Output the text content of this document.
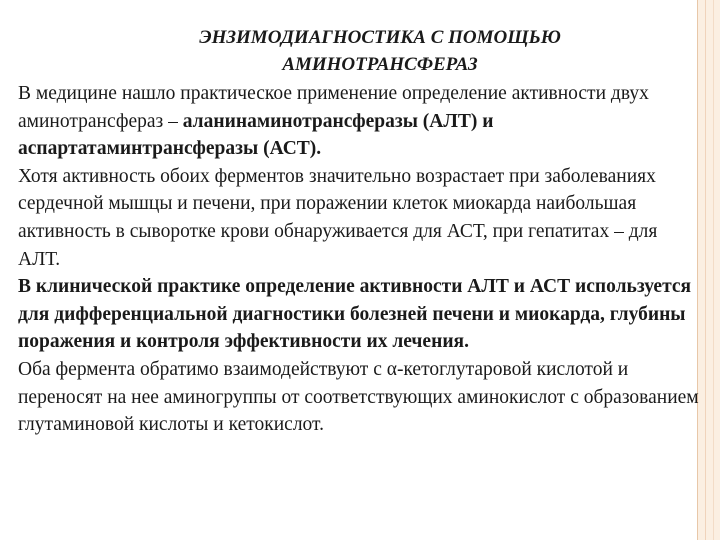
ЭНЗИМОДИАГНОСТИКА С ПОМОЩЬЮ
АМИНОТРАНСФЕРАЗ

В медицине нашло практическое применение определение активности двух аминотрансфераз – аланинаминотрансферазы (АЛТ) и аспартатаминтрансферазы (АСТ).

Хотя активность обоих ферментов значительно возрастает при заболеваниях сердечной мышцы и печени, при поражении клеток миокарда наибольшая активность в сыворотке крови обнаруживается для АСТ, при гепатитах – для АЛТ.

В клинической практике определение активности АЛТ и АСТ используется для дифференциальной диагностики болезней печени и миокарда, глубины поражения и контроля эффективности их лечения.

Оба фермента обратимо взаимодействуют с α-кетоглутаровой кислотой и переносят на нее аминогруппы от соответствующих аминокислот с образованием глутаминовой кислоты и кетокислот.
